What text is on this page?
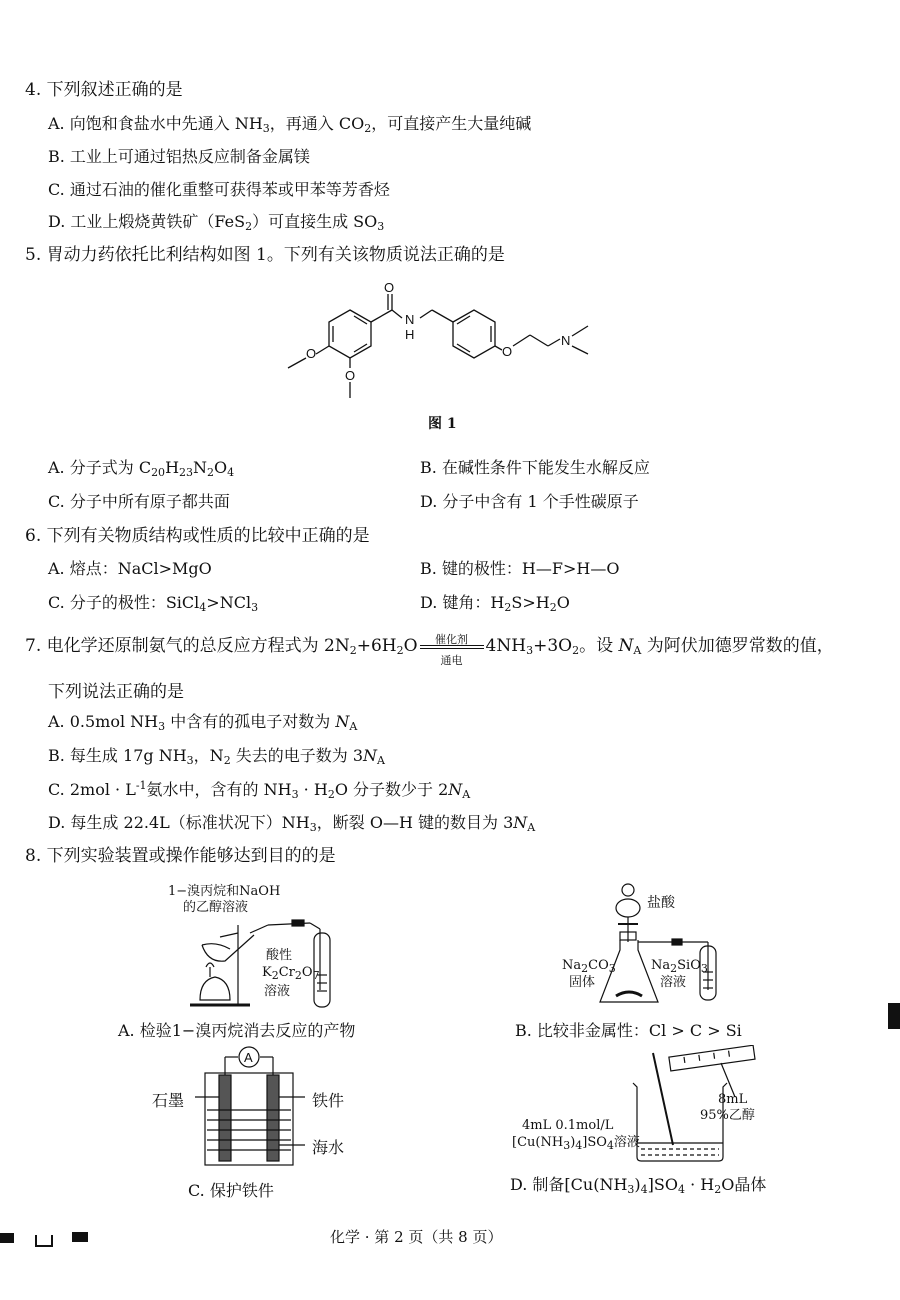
4. 下列叙述正确的是
A. 向饱和食盐水中先通入 $NH_3$，再通入 $CO_2$，可直接产生大量纯碱
B. 工业上可通过铝热反应制备金属镁
C. 通过石油的催化重整可获得苯或甲苯等芳香烃
D. 工业上煅烧黄铁矿（FeS$_2$）可直接生成 $SO_3$
5. 胃动力药依托比利结构如图 1。下列有关该物质说法正确的是
O
N
H
O
N
O
O
图 1
A. 分子式为 $C_{20}H_{23}N_2O_4$	B. 在碱性条件下能发生水解反应
C. 分子中所有原子都共面	D. 分子中含有 1 个手性碳原子
6. 下列有关物质结构或性质的比较中正确的是
A. 熔点：NaCl>MgO	B. 键的极性：H—F>H—O
C. 分子的极性：SiCl$_4$>NCl$_3$	D. 键角：$H_2S>H_2O$
7. 电化学还原制氨气的总反应方程式为 $2N_2+6H_2O$	催化剂
通电
$4NH_3+3O_2$。设 $N_A$ 为阿伏加德罗常数的值，
下列说法正确的是
A. 0.5mol $NH_3$ 中含有的孤电子对数为 $N_A$
B. 每生成 17g $NH_3$，$N_2$ 失去的电子数为 $3N_A$
C. $2mol \cdot L^{-1}$氨水中，含有的 $NH_3 \cdot H_2O$ 分子数少于 $2N_A$
D. 每生成 22.4L（标准状况下）$NH_3$，断裂 O—H 键的数目为 $3N_A$
8. 下列实验装置或操作能够达到目的的是
1−溴丙烷和NaOH
的乙醇溶液
酸性
$K_2Cr_2O_7$
溶液
A. 检验1−溴丙烷消去反应的产物
盐酸
$Na_2CO_3$
固体
$Na_2SiO_3$
溶液
B. 比较非金属性：Cl > C > Si
石墨	铁件
海水
A
C. 保护铁件
8mL
95%乙醇
4mL 0.1mol/L
$[Cu(NH_3)_4]SO_4$溶液
D. 制备$[Cu(NH_3)_4]SO_4 \cdot H_2O$晶体
化学 · 第 2 页（共 8 页）
